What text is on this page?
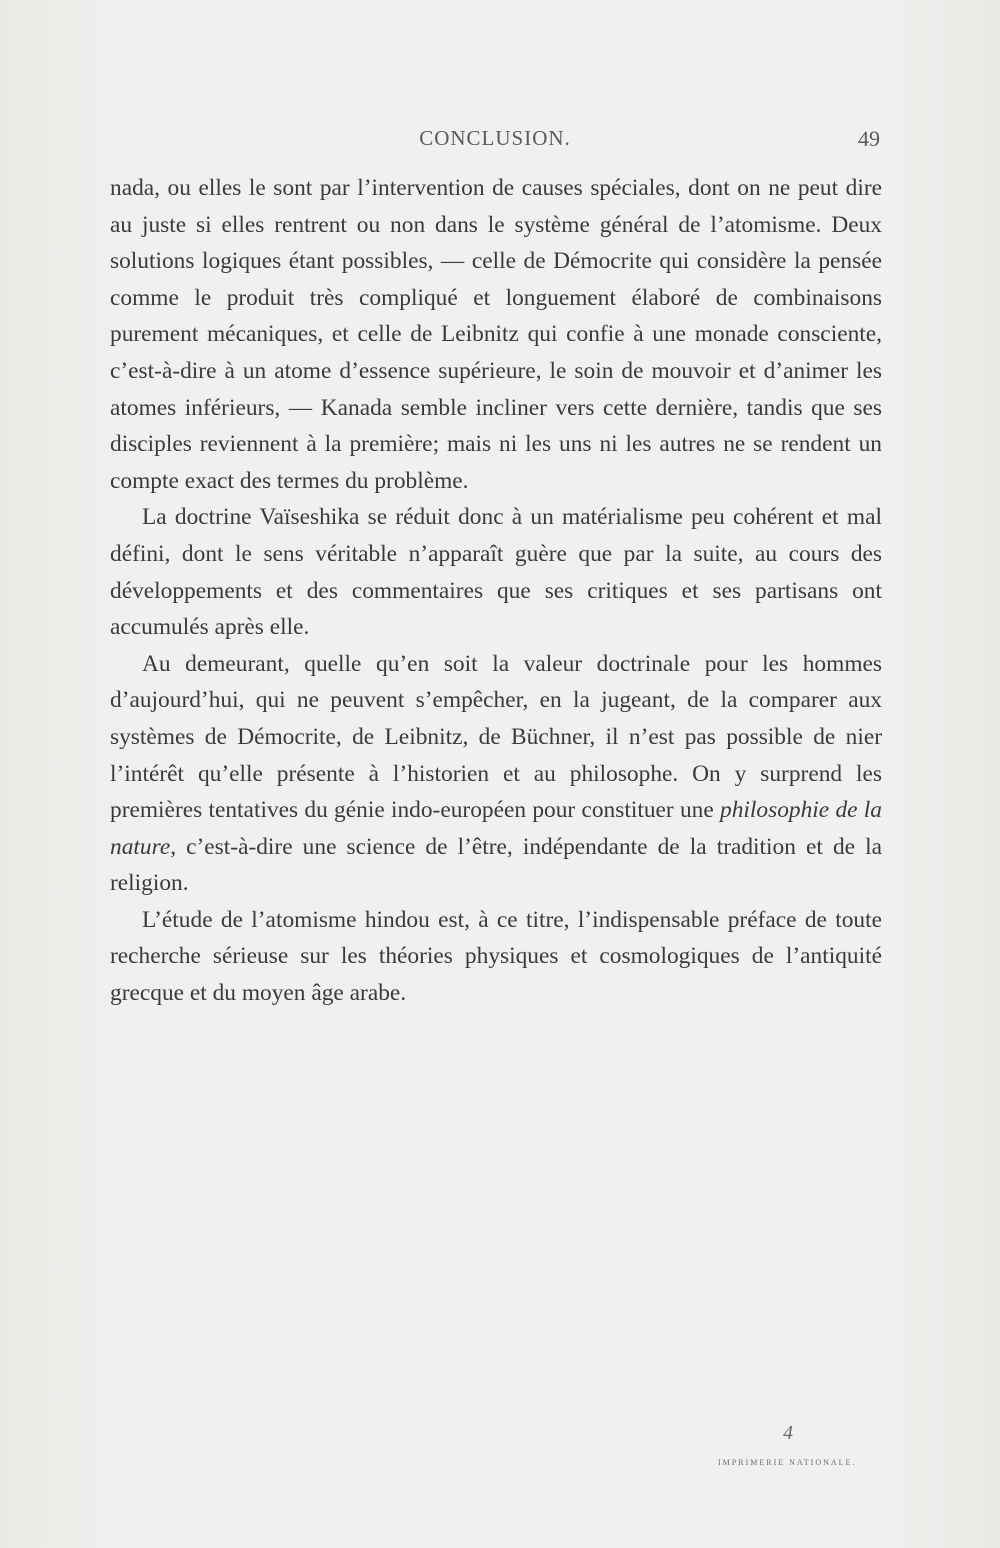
CONCLUSION.	49

nada, ou elles le sont par l’intervention de causes spéciales, dont on ne peut dire au juste si elles rentrent ou non dans le système général de l’atomisme. Deux solutions logiques étant possibles, — celle de Démocrite qui considère la pensée comme le produit très compliqué et longuement élaboré de combinaisons purement mécaniques, et celle de Leibnitz qui confie à une monade consciente, c’est-à-dire à un atome d’essence supérieure, le soin de mouvoir et d’animer les atomes inférieurs, — Kanada semble incliner vers cette dernière, tandis que ses disciples reviennent à la première; mais ni les uns ni les autres ne se rendent un compte exact des termes du problème.

La doctrine Vaïseshika se réduit donc à un matérialisme peu cohérent et mal défini, dont le sens véritable n’apparaît guère que par la suite, au cours des développements et des commentaires que ses critiques et ses partisans ont accumulés après elle.

Au demeurant, quelle qu’en soit la valeur doctrinale pour les hommes d’aujourd’hui, qui ne peuvent s’empêcher, en la jugeant, de la comparer aux systèmes de Démocrite, de Leibnitz, de Büchner, il n’est pas possible de nier l’intérêt qu’elle présente à l’historien et au philosophe. On y surprend les premières tentatives du génie indo-européen pour constituer une philosophie de la nature, c’est-à-dire une science de l’être, indépendante de la tradition et de la religion.

L’étude de l’atomisme hindou est, à ce titre, l’indispensable préface de toute recherche sérieuse sur les théories physiques et cosmologiques de l’antiquité grecque et du moyen âge arabe.

4
IMPRIMERIE NATIONALE.
